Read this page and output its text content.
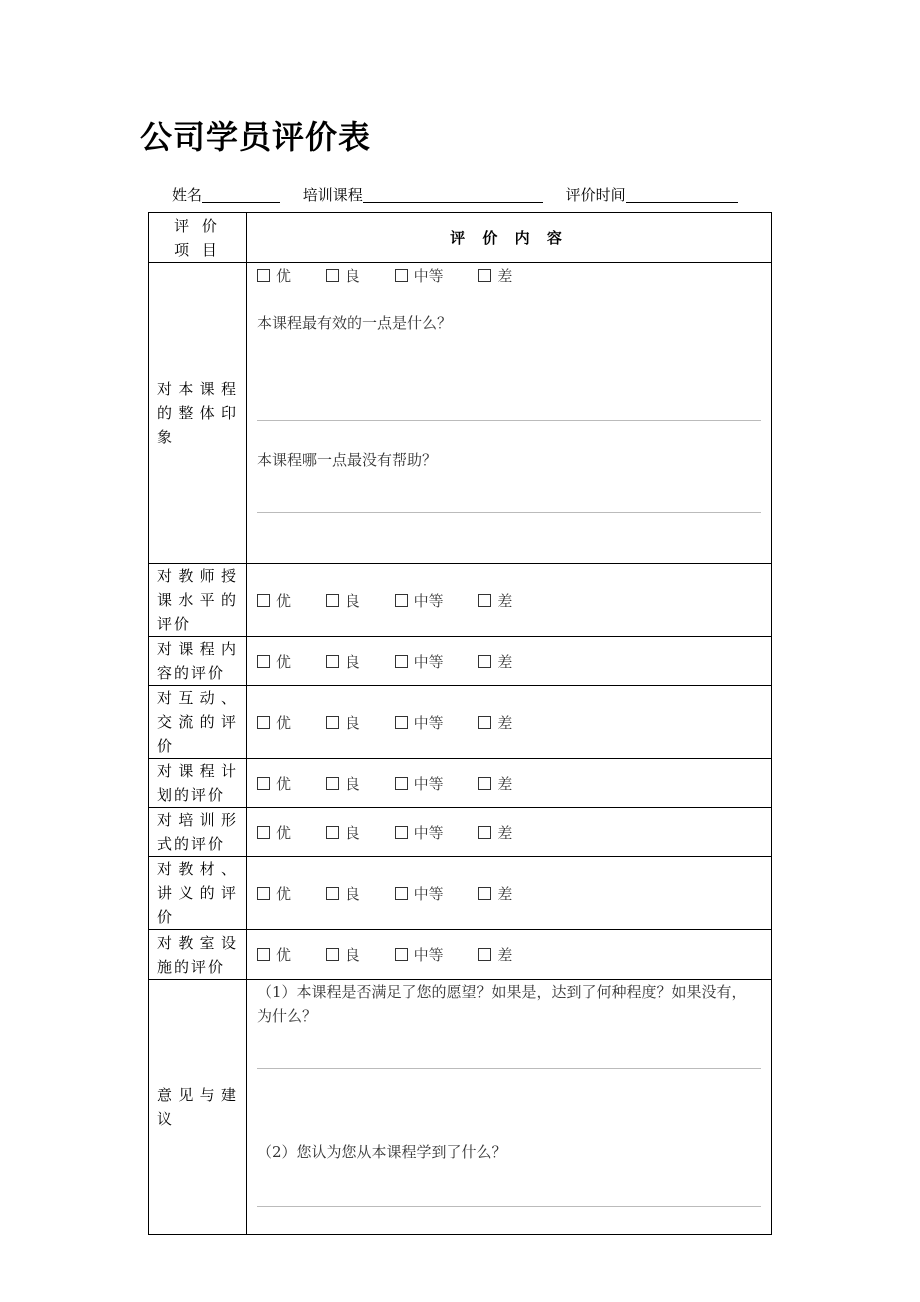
公司学员评价表
姓名	培训课程	评价时间
评 价
项 目	评 价 内 容
对本课程的整体印象	优 良 中等 差

本课程最有效的一点是什么？

本课程哪一点最没有帮助？

对教师授课水平的评价	优 良 中等 差

对课程内容的评价	优 良 中等 差

对互动、交流的评价	优 良 中等 差

对课程计划的评价	优 良 中等 差

对培训形式的评价	优 良 中等 差

对教材、讲义的评价	优 良 中等 差

对教室设施的评价	优 良 中等 差

意见与建议	（1）本课程是否满足了您的愿望？如果是，达到了何种程度？如果没有，为什么？

（2）您认为您从本课程学到了什么？
